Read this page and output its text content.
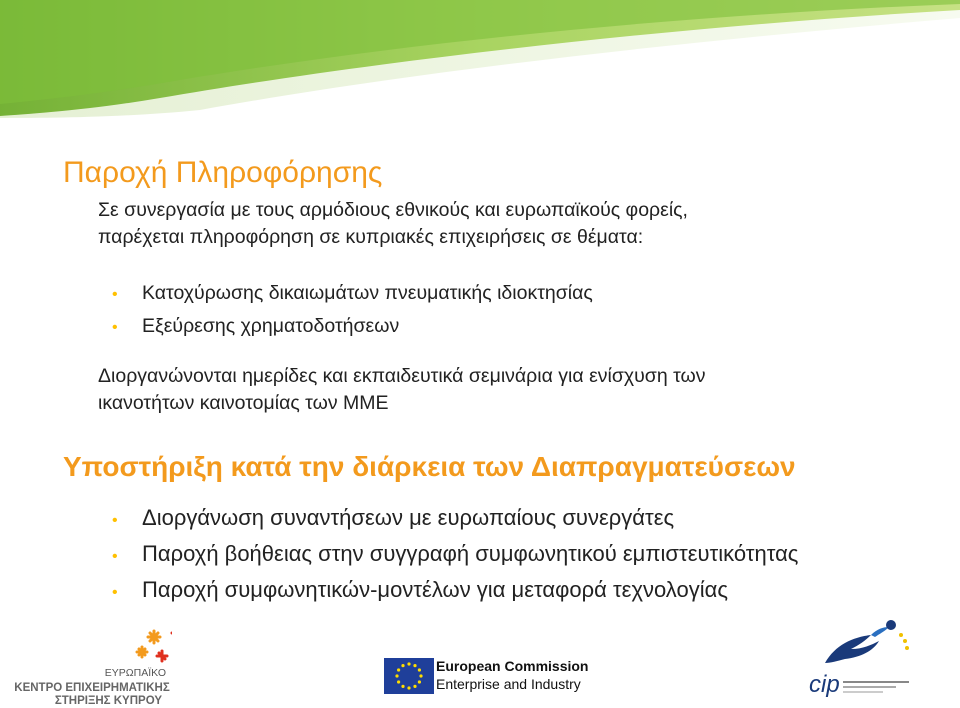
Παροχή Πληροφόρησης
Σε συνεργασία με τους αρμόδιους εθνικούς και ευρωπαϊκούς φορείς,
παρέχεται πληροφόρηση σε κυπριακές επιχειρήσεις σε θέματα:
• Κατοχύρωσης δικαιωμάτων πνευματικής ιδιοκτησίας
• Εξεύρεσης χρηματοδοτήσεων
Διοργανώνονται ημερίδες και εκπαιδευτικά σεμινάρια για ενίσχυση των
ικανοτήτων καινοτομίας των ΜΜΕ
Υποστήριξη κατά την διάρκεια των Διαπραγματεύσεων
• Διοργάνωση συναντήσεων με ευρωπαίους συνεργάτες
• Παροχή βοήθειας στην συγγραφή συμφωνητικού εμπιστευτικότητας
• Παροχή συμφωνητικών-μοντέλων για μεταφορά τεχνολογίας
ΕΥΡΩΠΑΪΚΟ
ΚΕΝΤΡΟ ΕΠΙΧΕΙΡΗΜΑΤΙΚΗΣ
ΣΤΗΡΙΞΗΣ ΚΥΠΡΟΥ
European Commission
Enterprise and Industry	cip
